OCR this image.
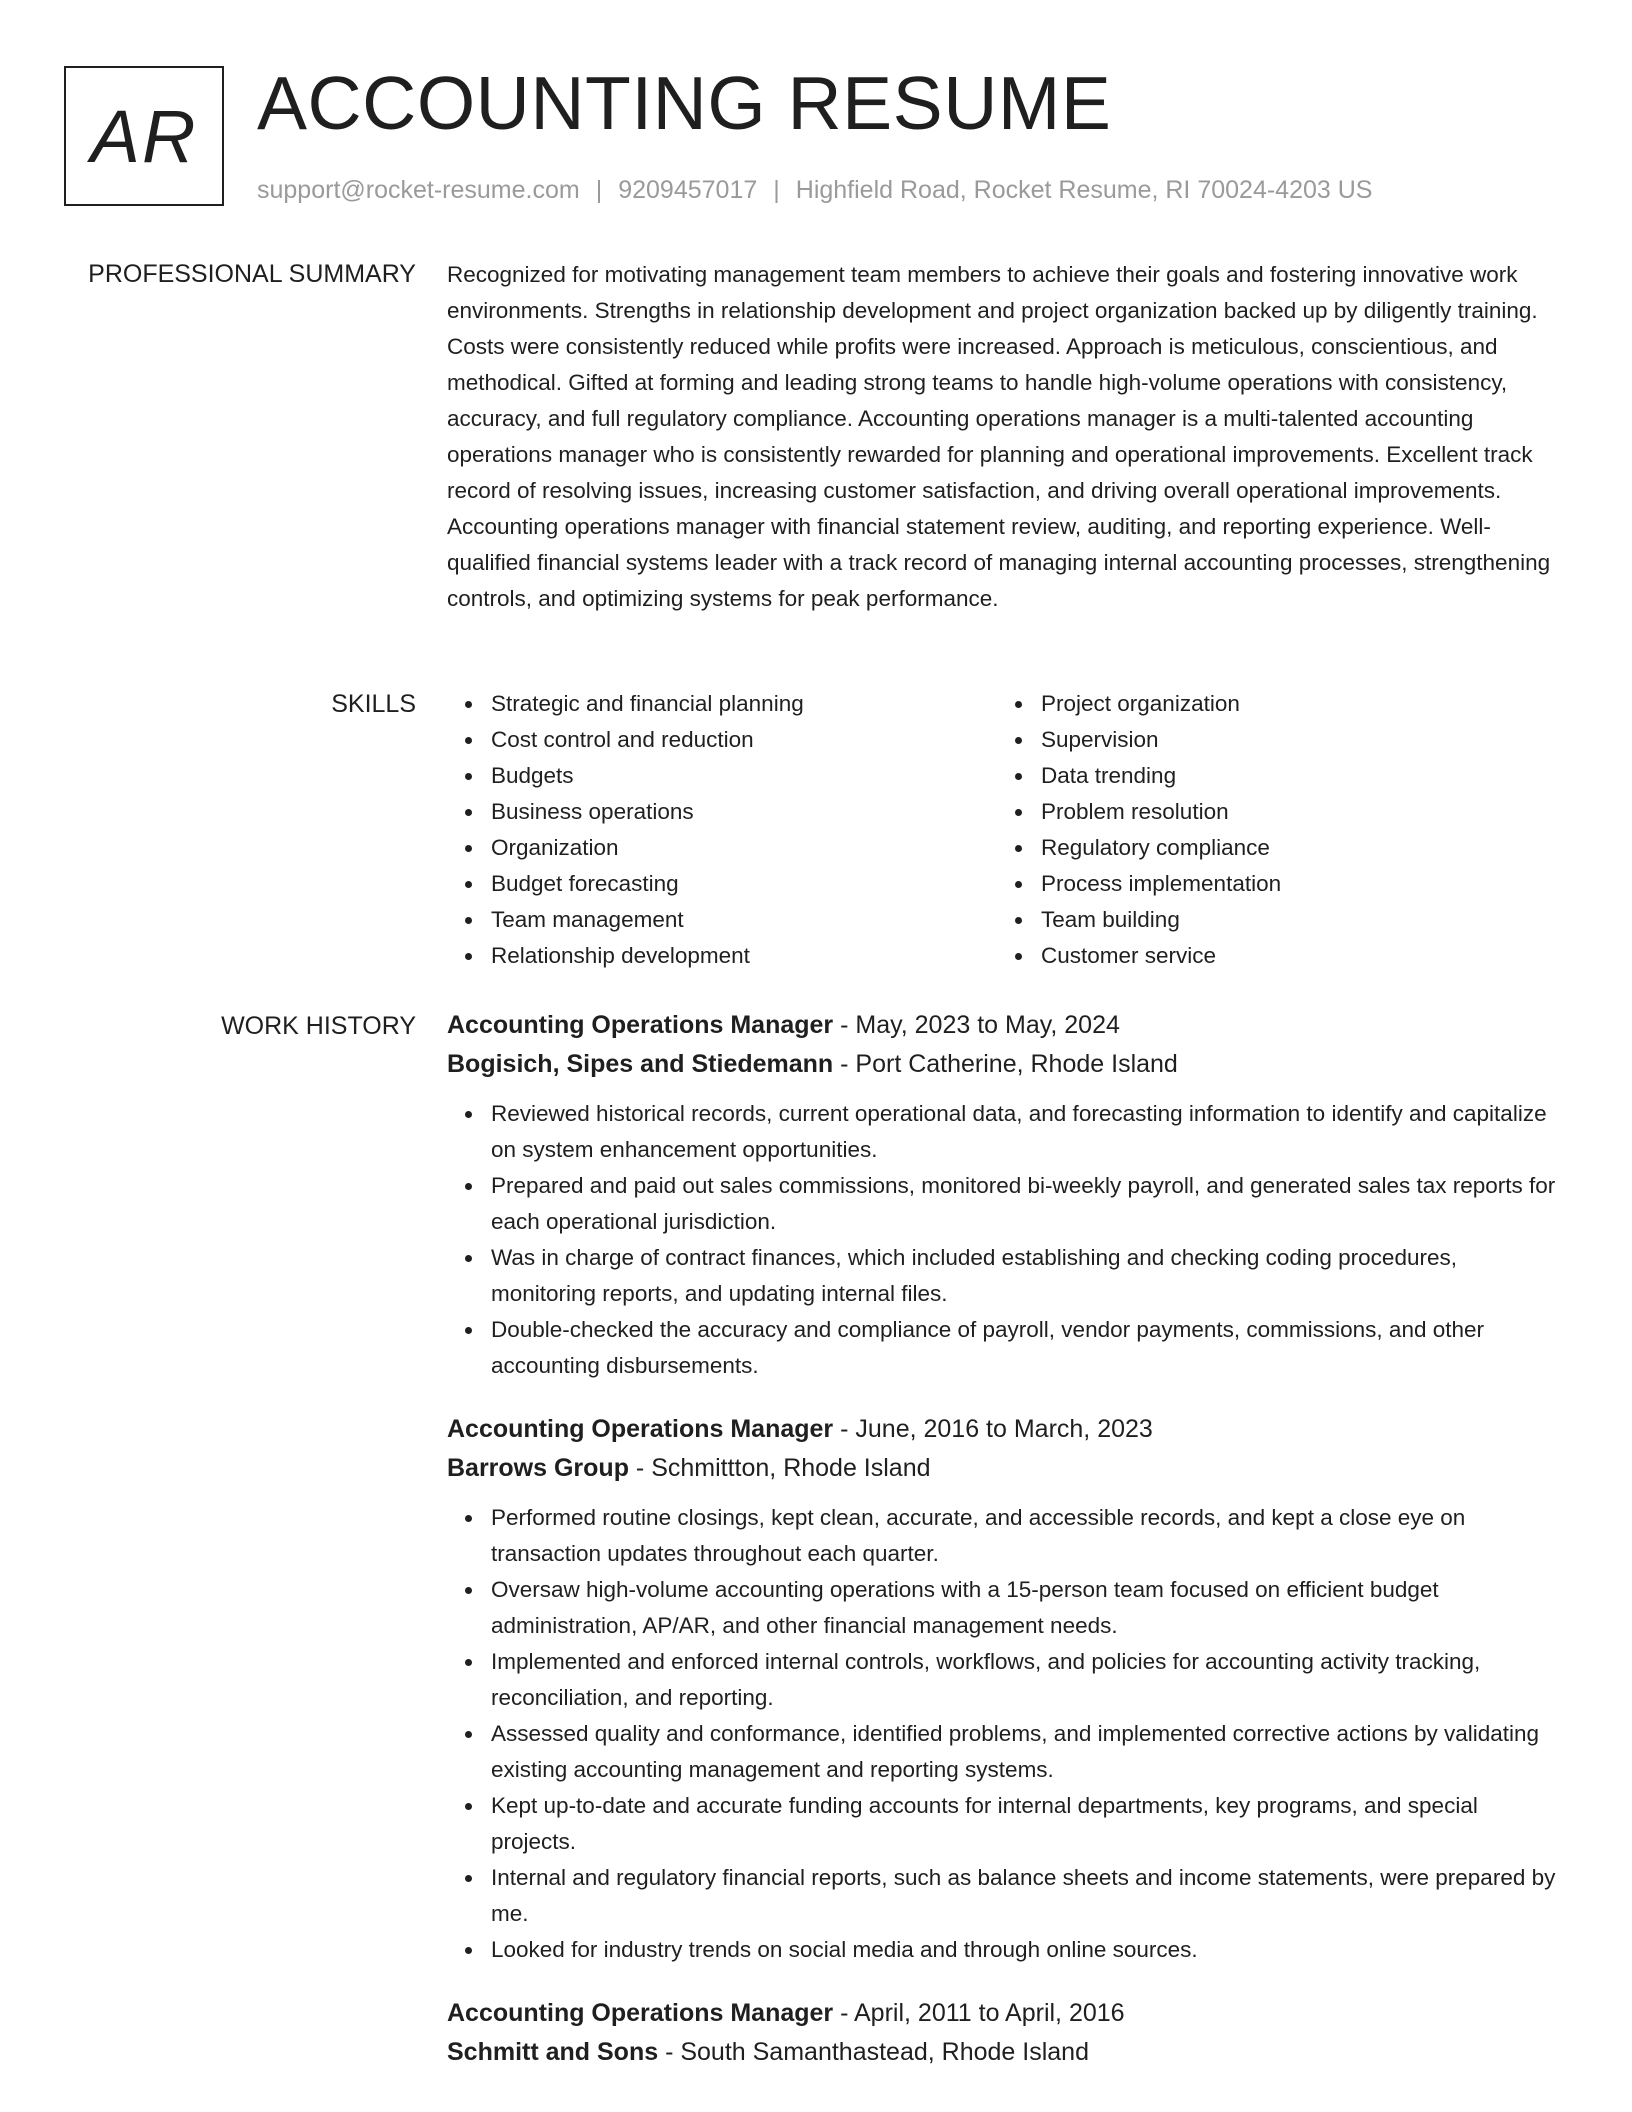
AR ACCOUNTING RESUME
support@rocket-resume.com | 9209457017 | Highfield Road, Rocket Resume, RI 70024-4203 US
PROFESSIONAL SUMMARY Recognized for motivating management team members to achieve their goals and fostering innovative work environments. Strengths in relationship development and project organization backed up by diligently training. Costs were consistently reduced while profits were increased. Approach is meticulous, conscientious, and methodical. Gifted at forming and leading strong teams to handle high-volume operations with consistency, accuracy, and full regulatory compliance. Accounting operations manager is a multi-talented accounting operations manager who is consistently rewarded for planning and operational improvements. Excellent track record of resolving issues, increasing customer satisfaction, and driving overall operational improvements. Accounting operations manager with financial statement review, auditing, and reporting experience. Well-qualified financial systems leader with a track record of managing internal accounting processes, strengthening controls, and optimizing systems for peak performance.

SKILLS	Strategic and financial planning
Cost control and reduction
Budgets
Business operations
Organization
Budget forecasting
Team management
Relationship development
Project organization
Supervision
Data trending
Problem resolution
Regulatory compliance
Process implementation
Team building
Customer service
WORK HISTORY Accounting Operations Manager - May, 2023 to May, 2024
Bogisich, Sipes and Stiedemann - Port Catherine, Rhode Island
Reviewed historical records, current operational data, and forecasting information to identify and capitalize on system enhancement opportunities.
Prepared and paid out sales commissions, monitored bi-weekly payroll, and generated sales tax reports for each operational jurisdiction.
Was in charge of contract finances, which included establishing and checking coding procedures, monitoring reports, and updating internal files.
Double-checked the accuracy and compliance of payroll, vendor payments, commissions, and other accounting disbursements.
Accounting Operations Manager - June, 2016 to March, 2023
Barrows Group - Schmittton, Rhode Island
Performed routine closings, kept clean, accurate, and accessible records, and kept a close eye on transaction updates throughout each quarter.
Oversaw high-volume accounting operations with a 15-person team focused on efficient budget administration, AP/AR, and other financial management needs.
Implemented and enforced internal controls, workflows, and policies for accounting activity tracking, reconciliation, and reporting.
Assessed quality and conformance, identified problems, and implemented corrective actions by validating existing accounting management and reporting systems.
Kept up-to-date and accurate funding accounts for internal departments, key programs, and special projects.
Internal and regulatory financial reports, such as balance sheets and income statements, were prepared by me.
Looked for industry trends on social media and through online sources.
Accounting Operations Manager - April, 2011 to April, 2016
Schmitt and Sons - South Samanthastead, Rhode Island
